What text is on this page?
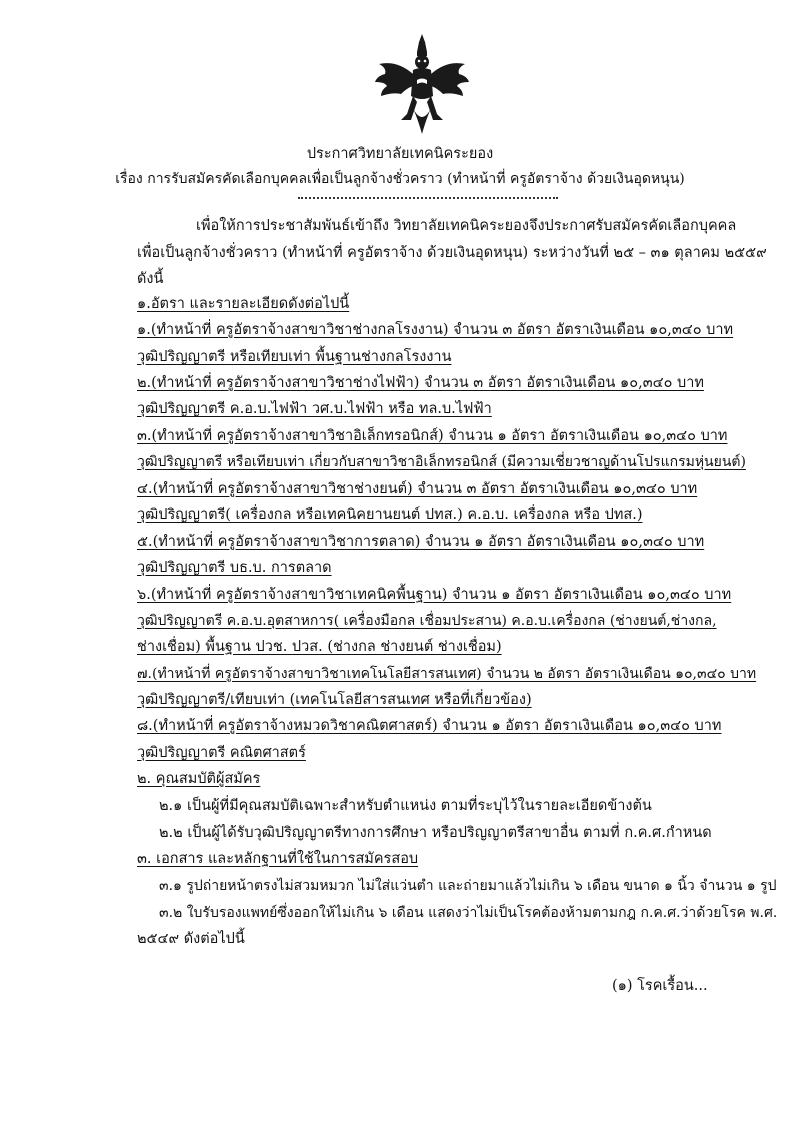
ประกาศวิทยาลัยเทคนิคระยอง
เรื่อง การรับสมัครคัดเลือกบุคคลเพื่อเป็นลูกจ้างชั่วคราว (ทำหน้าที่ ครูอัตราจ้าง ด้วยเงินอุดหนุน)
เพื่อให้การประชาสัมพันธ์เข้าถึง วิทยาลัยเทคนิคระยองจึงประกาศรับสมัครคัดเลือกบุคคล
เพื่อเป็นลูกจ้างชั่วคราว (ทำหน้าที่ ครูอัตราจ้าง ด้วยเงินอุดหนุน) ระหว่างวันที่ ๒๕ – ๓๑ ตุลาคม ๒๕๕๙
ดังนี้
๑.อัตรา และรายละเอียดดังต่อไปนี้
๑.(ทำหน้าที่ ครูอัตราจ้างสาขาวิชาช่างกลโรงงาน) จำนวน ๓ อัตรา อัตราเงินเดือน ๑๐,๓๔๐ บาท
วุฒิปริญญาตรี หรือเทียบเท่า พื้นฐานช่างกลโรงงาน
๒.(ทำหน้าที่ ครูอัตราจ้างสาขาวิชาช่างไฟฟ้า) จำนวน ๓ อัตรา อัตราเงินเดือน ๑๐,๓๔๐ บาท
วุฒิปริญญาตรี ค.อ.บ.ไฟฟ้า วศ.บ.ไฟฟ้า หรือ ทล.บ.ไฟฟ้า
๓.(ทำหน้าที่ ครูอัตราจ้างสาขาวิชาอิเล็กทรอนิกส์) จำนวน ๑ อัตรา อัตราเงินเดือน ๑๐,๓๔๐ บาท
วุฒิปริญญาตรี หรือเทียบเท่า เกี่ยวกับสาขาวิชาอิเล็กทรอนิกส์ (มีความเชี่ยวชาญด้านโปรแกรมหุ่นยนต์)
๔.(ทำหน้าที่ ครูอัตราจ้างสาขาวิชาช่างยนต์) จำนวน ๓ อัตรา อัตราเงินเดือน ๑๐,๓๔๐ บาท
วุฒิปริญญาตรี( เครื่องกล หรือเทคนิคยานยนต์ ปทส.) ค.อ.บ. เครื่องกล หรือ ปทส.)
๕.(ทำหน้าที่ ครูอัตราจ้างสาขาวิชาการตลาด) จำนวน ๑ อัตรา อัตราเงินเดือน ๑๐,๓๔๐ บาท
วุฒิปริญญาตรี บธ.บ. การตลาด
๖.(ทำหน้าที่ ครูอัตราจ้างสาขาวิชาเทคนิคพื้นฐาน) จำนวน ๑ อัตรา อัตราเงินเดือน ๑๐,๓๔๐ บาท
วุฒิปริญญาตรี ค.อ.บ.อุตสาหการ( เครื่องมือกล เชื่อมประสาน) ค.อ.บ.เครื่องกล (ช่างยนต์,ช่างกล,
ช่างเชื่อม) พื้นฐาน ปวช. ปวส. (ช่างกล ช่างยนต์ ช่างเชื่อม)
๗.(ทำหน้าที่ ครูอัตราจ้างสาขาวิชาเทคโนโลยีสารสนเทศ) จำนวน ๒ อัตรา อัตราเงินเดือน ๑๐,๓๔๐ บาท
วุฒิปริญญาตรี/เทียบเท่า (เทคโนโลยีสารสนเทศ หรือที่เกี่ยวข้อง)
๘.(ทำหน้าที่ ครูอัตราจ้างหมวดวิชาคณิตศาสตร์) จำนวน ๑ อัตรา อัตราเงินเดือน ๑๐,๓๔๐ บาท
วุฒิปริญญาตรี คณิตศาสตร์
๒. คุณสมบัติผู้สมัคร
๒.๑ เป็นผู้ที่มีคุณสมบัติเฉพาะสำหรับตำแหน่ง ตามที่ระบุไว้ในรายละเอียดข้างต้น
๒.๒ เป็นผู้ได้รับวุฒิปริญญาตรีทางการศึกษา หรือปริญญาตรีสาขาอื่น ตามที่ ก.ค.ศ.กำหนด
๓. เอกสาร และหลักฐานที่ใช้ในการสมัครสอบ
๓.๑ รูปถ่ายหน้าตรงไม่สวมหมวก ไม่ใส่แว่นตำ และถ่ายมาแล้วไม่เกิน ๖ เดือน ขนาด ๑ นิ้ว จำนวน ๑ รูป
๓.๒ ใบรับรองแพทย์ซึ่งออกให้ไม่เกิน ๖ เดือน แสดงว่าไม่เป็นโรคต้องห้ามตามกฎ ก.ค.ศ.ว่าด้วยโรค พ.ศ.
๒๕๔๙ ดังต่อไปนี้
(๑) โรคเรื้อน...
